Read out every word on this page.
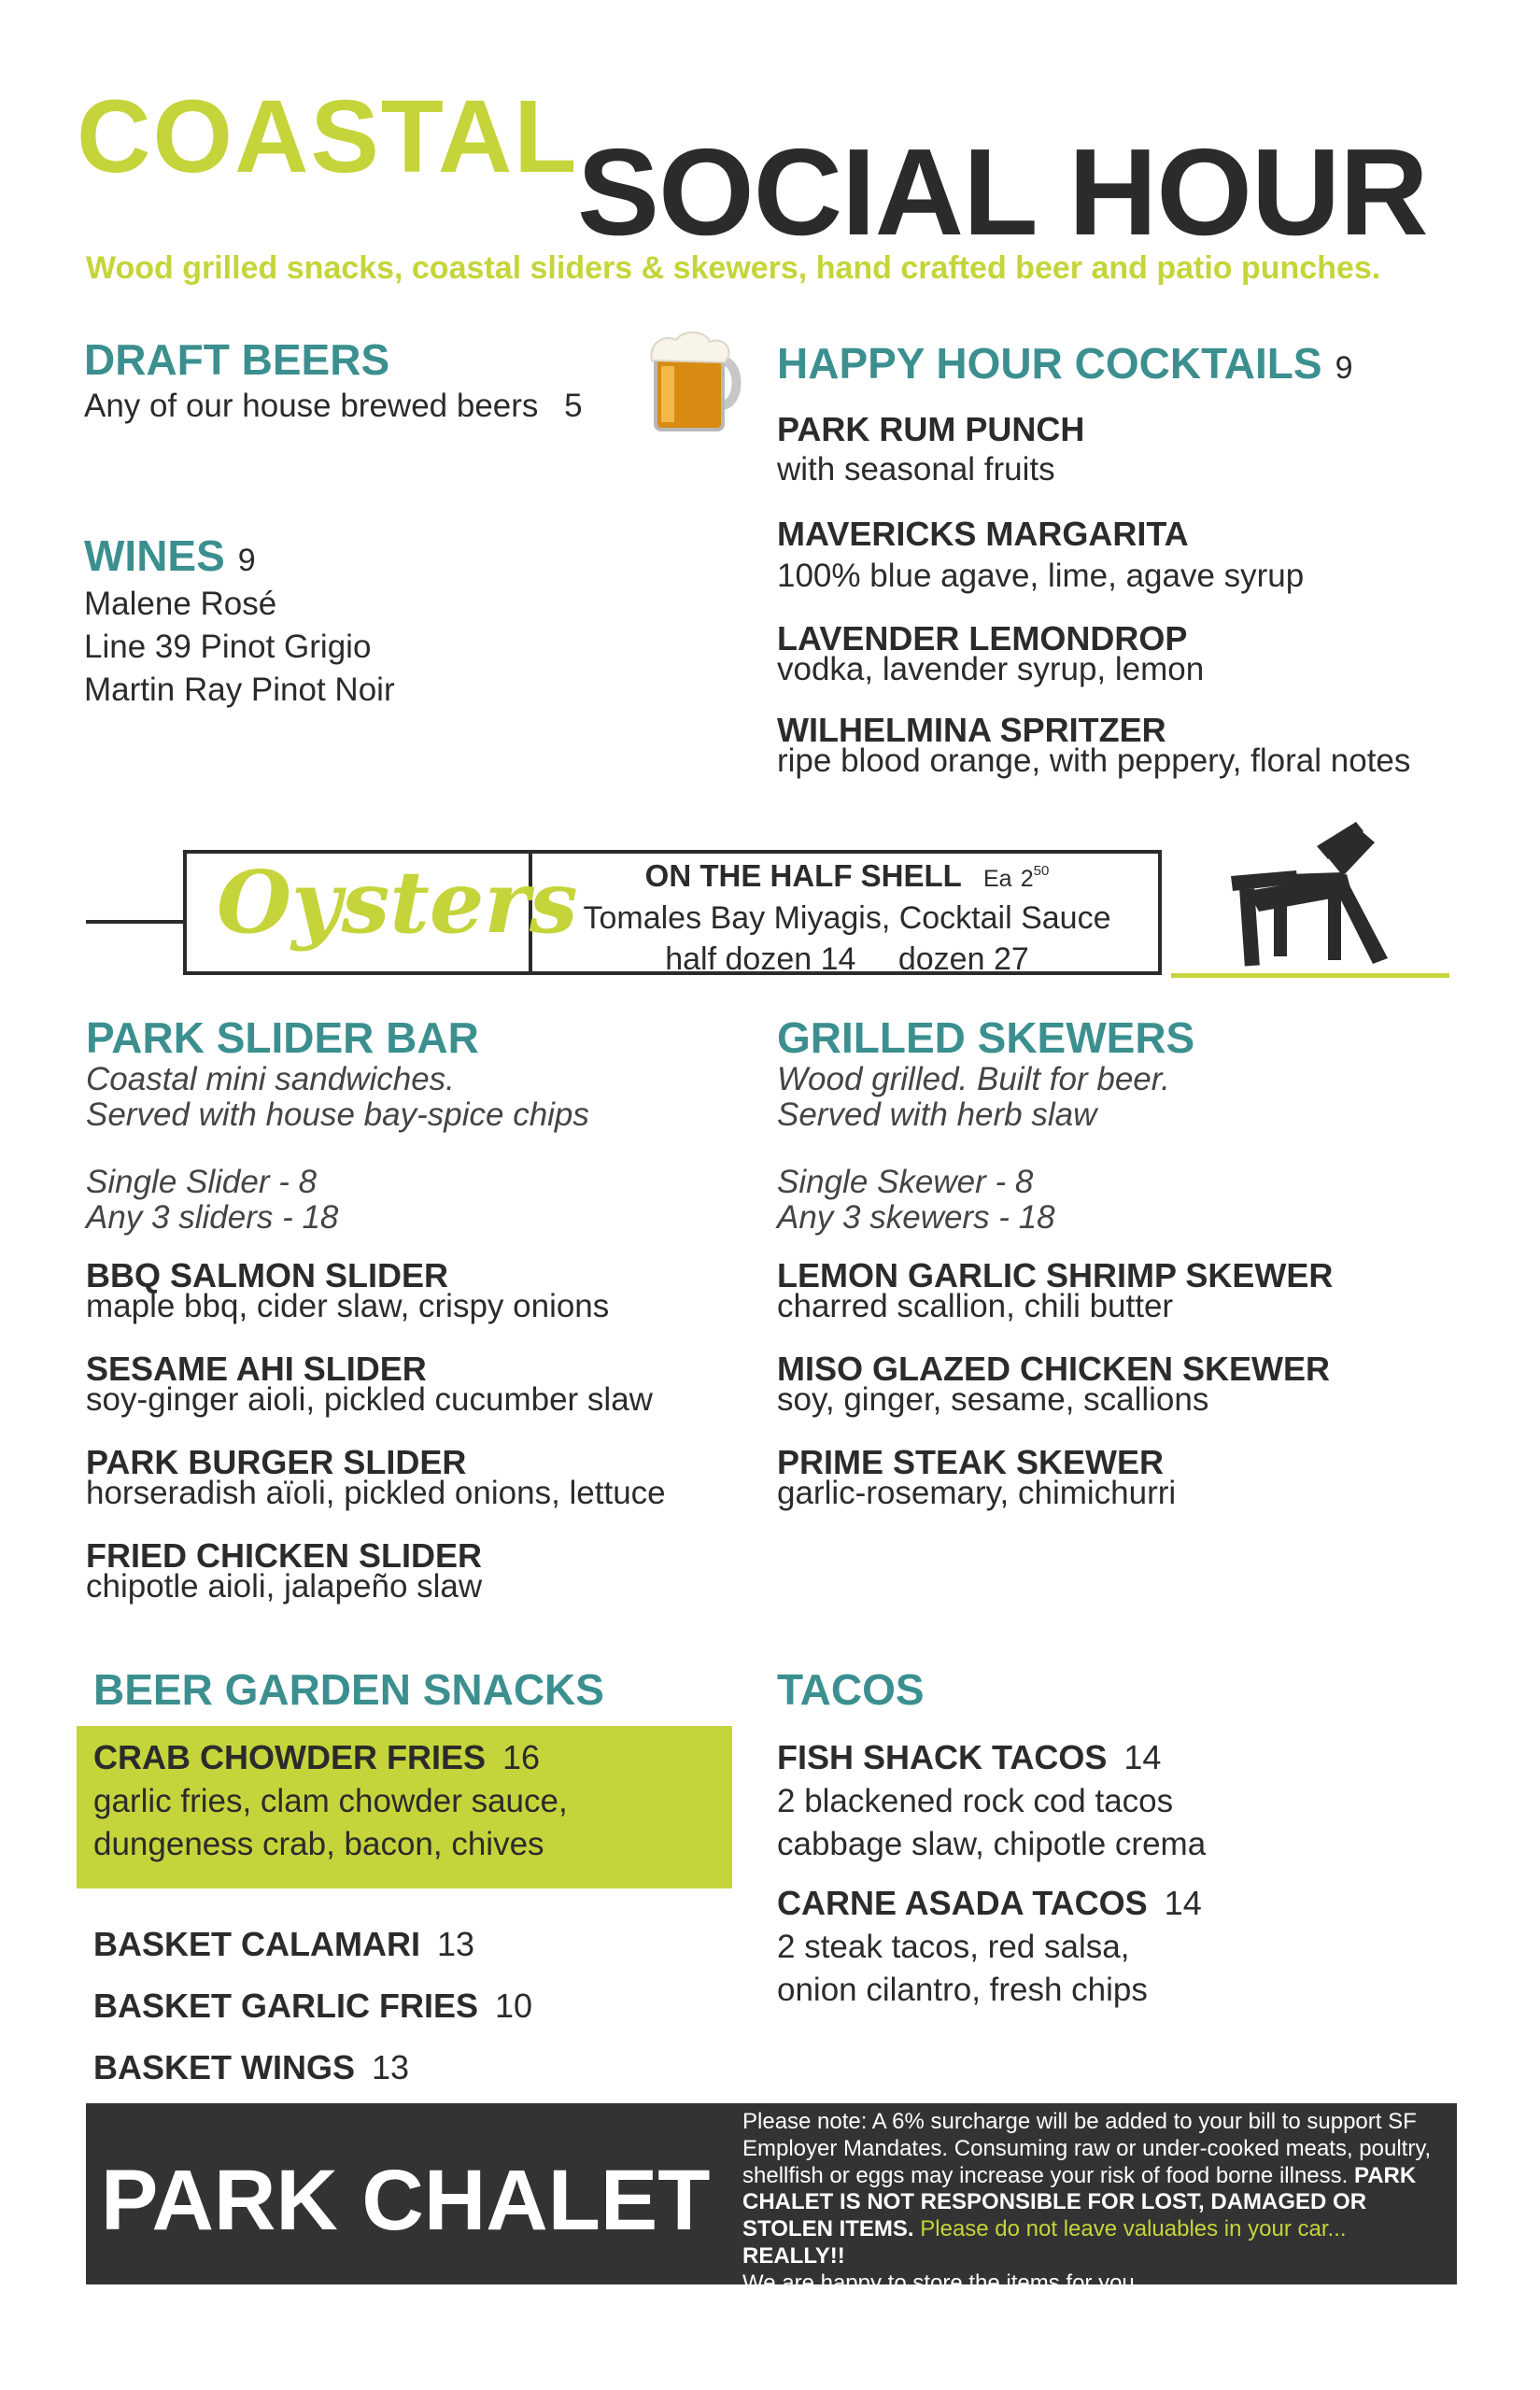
COASTAL
SOCIAL HOUR
Wood grilled snacks, coastal sliders & skewers, hand crafted beer and patio punches.
DRAFT BEERS
Any of our house brewed beers 5
WINES 9
Malene Rosé
Line 39 Pinot Grigio
Martin Ray Pinot Noir
HAPPY HOUR COCKTAILS 9
PARK RUM PUNCH
with seasonal fruits
MAVERICKS MARGARITA
100% blue agave, lime, agave syrup
LAVENDER LEMONDROP
vodka, lavender syrup, lemon
WILHELMINA SPRITZER
ripe blood orange, with peppery, floral notes
Oysters	ON THE HALF SHELL Ea $2^{50}$
Tomales Bay Miyagis, Cocktail Sauce
half dozen 14 dozen 27
PARK SLIDER BAR
Coastal mini sandwiches.
Served with house bay-spice chips
Single Slider - 8
Any 3 sliders - 18
BBQ SALMON SLIDER
maple bbq, cider slaw, crispy onions
SESAME AHI SLIDER
soy-ginger aioli, pickled cucumber slaw
PARK BURGER SLIDER
horseradish aïoli, pickled onions, lettuce
FRIED CHICKEN SLIDER
chipotle aioli, jalapeño slaw
GRILLED SKEWERS
Wood grilled. Built for beer.
Served with herb slaw
Single Skewer - 8
Any 3 skewers - 18
LEMON GARLIC SHRIMP SKEWER
charred scallion, chili butter
MISO GLAZED CHICKEN SKEWER
soy, ginger, sesame, scallions
PRIME STEAK SKEWER
garlic-rosemary, chimichurri
BEER GARDEN SNACKS
CRAB CHOWDER FRIES 16
garlic fries, clam chowder sauce,
dungeness crab, bacon, chives
BASKET CALAMARI 13
BASKET GARLIC FRIES 10
BASKET WINGS 13
TACOS
FISH SHACK TACOS 14
2 blackened rock cod tacos
cabbage slaw, chipotle crema
CARNE ASADA TACOS 14
2 steak tacos, red salsa,
onion cilantro, fresh chips
PARK CHALET
Please note: A 6% surcharge will be added to your bill to support SF Employer Mandates. Consuming raw or under-cooked meats, poultry, shellfish or eggs may increase your risk of food borne illness. PARK CHALET IS NOT RESPONSIBLE FOR LOST, DAMAGED OR STOLEN ITEMS. Please do not leave valuables in your car... REALLY!!
We are happy to store the items for you.
